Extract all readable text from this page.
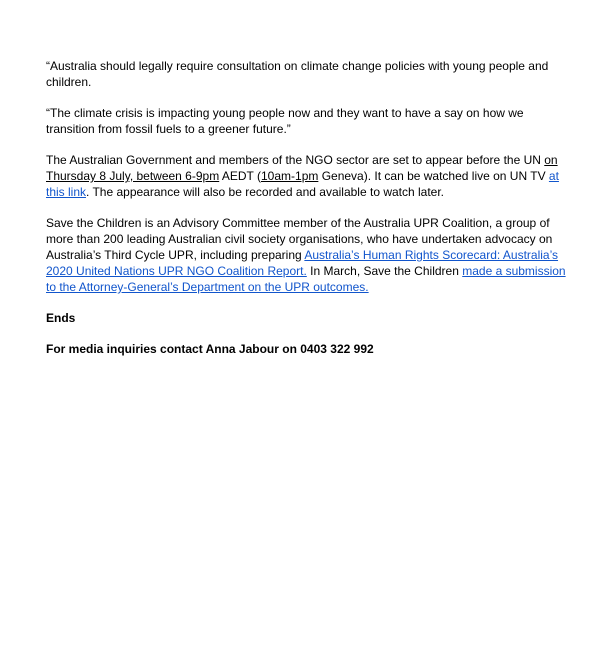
“Australia should legally require consultation on climate change policies with young people and children.

“The climate crisis is impacting young people now and they want to have a say on how we transition from fossil fuels to a greener future.”

The Australian Government and members of the NGO sector are set to appear before the UN on Thursday 8 July, between 6-9pm AEDT (10am-1pm Geneva). It can be watched live on UN TV at this link. The appearance will also be recorded and available to watch later.

Save the Children is an Advisory Committee member of the Australia UPR Coalition, a group of more than 200 leading Australian civil society organisations, who have undertaken advocacy on Australia’s Third Cycle UPR, including preparing Australia’s Human Rights Scorecard: Australia’s 2020 United Nations UPR NGO Coalition Report. In March, Save the Children made a submission to the Attorney-General’s Department on the UPR outcomes.

Ends

For media inquiries contact Anna Jabour on 0403 322 992
